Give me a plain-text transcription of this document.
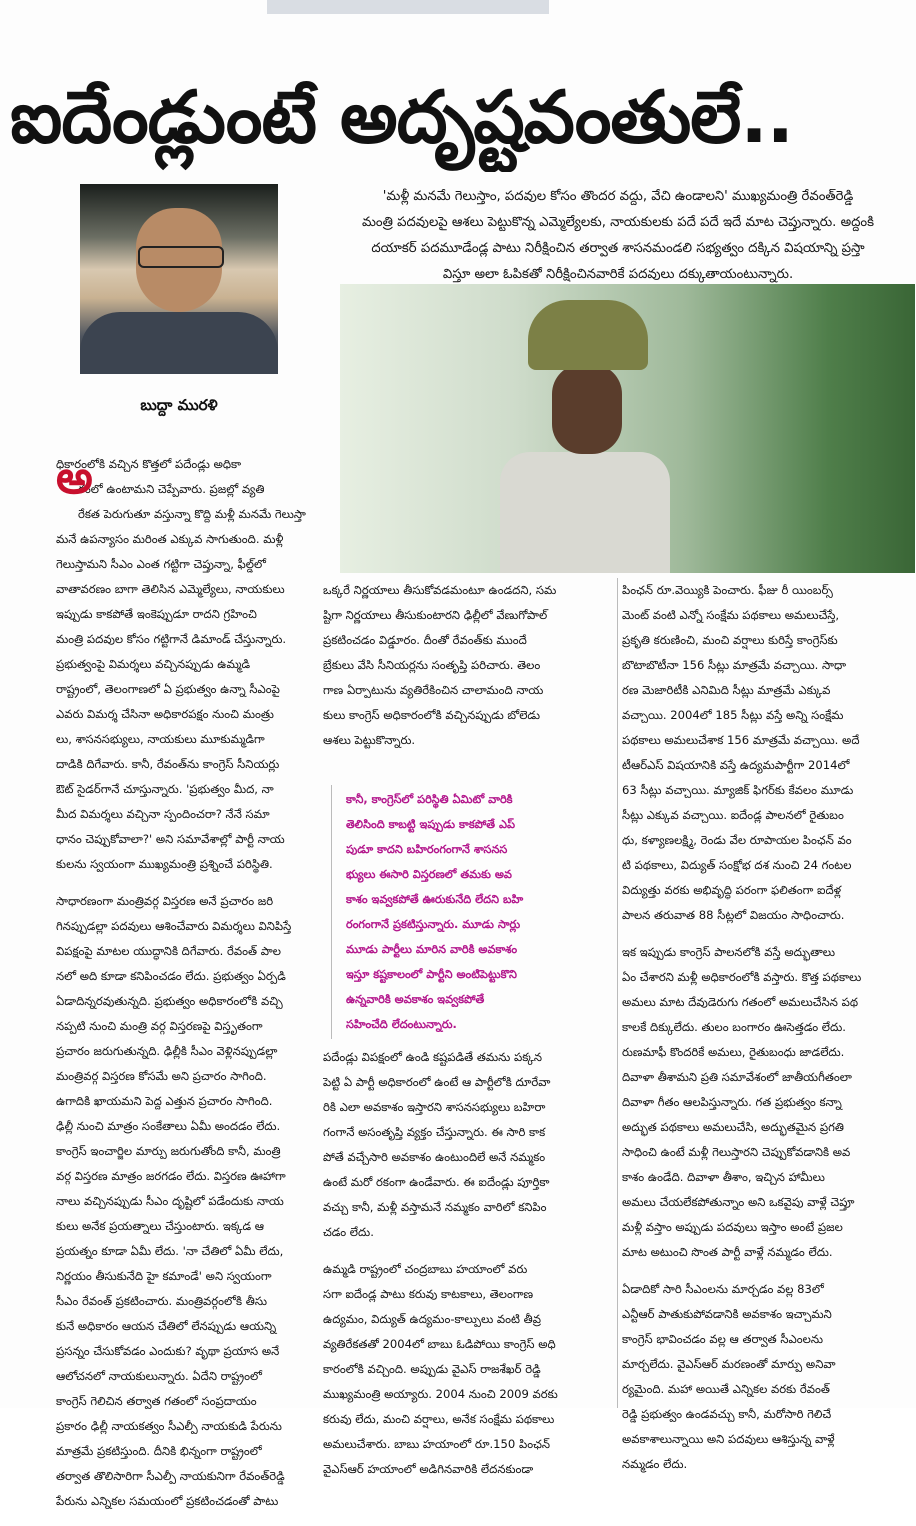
ఐదేండ్లుంటే అదృష్టవంతులే..
బుద్దా మురళి
'మళ్లీ మనమే గెలుస్తాం, పదవుల కోసం తొందర వద్దు, వేచి ఉండాలని' ముఖ్యమంత్రి రేవంత్‌రెడ్డి
మంత్రి పదవులపై ఆశలు పెట్టుకొన్న ఎమ్మెల్యేలకు, నాయకులకు పదే పదే ఇదే మాట చెప్తున్నారు. అద్దంకి
దయాకర్ పదమూడేండ్ల పాటు నిరీక్షించిన తర్వాత శాసనమండలి సభ్యత్వం దక్కిన విషయాన్ని ప్రస్తా
విస్తూ అలా ఓపికతో నిరీక్షించినవారికే పదవులు దక్కుతాయంటున్నారు.
అ
ధికారంలోకి వచ్చిన కొత్తలో పదేండ్లు అధికా
రంలో ఉంటామని చెప్పేవారు. ప్రజల్లో వ్యతి
రేకత పెరుగుతూ వస్తున్నా కొద్ది మళ్లీ మనమే గెలుస్తా
మనే ఉపన్యాసం మరింత ఎక్కువ సాగుతుంది. మళ్లీ
గెలుస్తామని సీఎం ఎంత గట్టిగా చెప్తున్నా, ఫీల్డ్‌లో
వాతావరణం బాగా తెలిసిన ఎమ్మెల్యేలు, నాయకులు
ఇప్పుడు కాకపోతే ఇంకెప్పుడూ రాదని గ్రహించి
మంత్రి పదవుల కోసం గట్టిగానే డిమాండ్ చేస్తున్నారు.
ప్రభుత్వంపై విమర్శలు వచ్చినప్పుడు ఉమ్మడి
రాష్ట్రంలో, తెలంగాణలో ఏ ప్రభుత్వం ఉన్నా సీఎంపై
ఎవరు విమర్శ చేసినా అధికారపక్షం నుంచి మంత్రు
లు, శాసనసభ్యులు, నాయకులు మూకుమ్మడిగా
దాడికి దిగేవారు. కానీ, రేవంత్‌ను కాంగ్రెస్ సీనియర్లు
ఔట్ సైడర్‌గానే చూస్తున్నారు. 'ప్రభుత్వం మీద, నా
మీద విమర్శలు వచ్చినా స్పందించరా? నేనే సమా
ధానం చెప్పుకోవాలా?' అని సమావేశాల్లో పార్టీ నాయ
కులను స్వయంగా ముఖ్యమంత్రి ప్రశ్నించే పరిస్థితి.
సాధారణంగా మంత్రివర్గ విస్తరణ అనే ప్రచారం జరి
గినప్పుడల్లా పదవులు ఆశించేవారు విమర్శలు వినిపిస్తే
విపక్షంపై మాటల యుద్ధానికి దిగేవారు. రేవంత్ పాల
నలో అది కూడా కనిపించడం లేదు. ప్రభుత్వం ఏర్పడి
ఏడాదిన్నరవుతున్నది. ప్రభుత్వం అధికారంలోకి వచ్చి
నప్పటి నుంచి మంత్రి వర్గ విస్తరణపై విస్తృతంగా
ప్రచారం జరుగుతున్నది. ఢిల్లీకి సీఎం వెళ్లినప్పుడల్లా
మంత్రివర్గ విస్తరణ కోసమే అని ప్రచారం సాగింది.
ఉగాదికి ఖాయమని పెద్ద ఎత్తున ప్రచారం సాగింది.
ఢిల్లీ నుంచి మాత్రం సంకేతాలు ఏమీ అందడం లేదు.
కాంగ్రెస్ ఇంచార్జిల మార్పు జరుగుతోంది కానీ, మంత్రి
వర్గ విస్తరణ మాత్రం జరగడం లేదు. విస్తరణ ఊహాగా
నాలు వచ్చినప్పుడు సీఎం దృష్టిలో పడేందుకు నాయ
కులు అనేక ప్రయత్నాలు చేస్తుంటారు. ఇక్కడ ఆ
ప్రయత్నం కూడా ఏమీ లేదు. 'నా చేతిలో ఏమీ లేదు,
నిర్ణయం తీసుకునేది హై కమాండే' అని స్వయంగా
సీఎం రేవంత్ ప్రకటించారు. మంత్రివర్గంలోకి తీసు
కునే అధికారం ఆయన చేతిలో లేనప్పుడు ఆయన్ని
ప్రసన్నం చేసుకోవడం ఎందుకు? వృథా ప్రయాస అనే
ఆలోచనలో నాయకులున్నారు. ఏదేని రాష్ట్రంలో
కాంగ్రెస్ గెలిచిన తర్వాత గతంలో సంప్రదాయం
ప్రకారం ఢిల్లీ నాయకత్వం సీఎల్పీ నాయకుడి పేరును
మాత్రమే ప్రకటిస్తుంది. దీనికి భిన్నంగా రాష్ట్రంలో
తర్వాత తొలిసారిగా సీఎల్పీ నాయకునిగా రేవంత్‌రెడ్డి
పేరును ఎన్నికల సమయంలో ప్రకటించడంతో పాటు
ఒక్కరే నిర్ణయాలు తీసుకోవడమంటూ ఉండదని, సమ
ష్టిగా నిర్ణయాలు తీసుకుంటారని ఢిల్లీలో వేణుగోపాల్
ప్రకటించడం విడ్డూరం. దీంతో రేవంత్‌కు ముందే
బ్రేకులు వేసి సీనియర్లను సంతృప్తి పరిచారు. తెలం
గాణ ఏర్పాటును వ్యతిరేకించిన చాలామంది నాయ
కులు కాంగ్రెస్ అధికారంలోకి వచ్చినప్పుడు బోలెడు
ఆశలు పెట్టుకొన్నారు.
కానీ, కాంగ్రెస్‌లో పరిస్థితి ఏమిటో వారికి
తెలిసింది కాబట్టి ఇప్పుడు కాకపోతే ఎప్
పుడూ కాదని బహిరంగంగానే శాసనస
భ్యులు ఈసారి విస్తరణలో తమకు అవ
కాశం ఇవ్వకపోతే ఊరుకునేది లేదని బహి
రంగంగానే ప్రకటిస్తున్నారు. మూడు సార్లు
మూడు పార్టీలు మారిన వారికి అవకాశం
ఇస్తూ కష్టకాలంలో పార్టీని అంటిపెట్టుకొని
ఉన్నవారికి అవకాశం ఇవ్వకపోతే
సహించేది లేదంటున్నారు.
పదేండ్లు విపక్షంలో ఉండి కష్టపడితే తమను పక్కన
పెట్టి ఏ పార్టీ అధికారంలో ఉంటే ఆ పార్టీలోకి దూరేవా
రికి ఎలా అవకాశం ఇస్తారని శాసనసభ్యులు బహిరా
గంగానే అసంతృప్తి వ్యక్తం చేస్తున్నారు. ఈ సారి కాక
పోతే వచ్చేసారి అవకాశం ఉంటుందిలే అనే నమ్మకం
ఉంటే మరో రకంగా ఉండేవారు. ఈ ఐదేండ్లు పూర్తికా
వచ్చు కానీ, మళ్లీ వస్తామనే నమ్మకం వారిలో కనిపిం
చడం లేదు.
ఉమ్మడి రాష్ట్రంలో చంద్రబాబు హయాంలో వరు
సగా ఐదేండ్ల పాటు కరువు కాటకాలు, తెలంగాణ
ఉద్యమం, విద్యుత్ ఉద్యమం-కాల్పులు వంటి తీవ్ర
వ్యతిరేకతతో 2004లో బాబు ఓడిపోయి కాంగ్రెస్ అధి
కారంలోకి వచ్చింది. అప్పుడు వైఎస్ రాజశేఖర్ రెడ్డి
ముఖ్యమంత్రి అయ్యారు. 2004 నుంచి 2009 వరకు
కరువు లేదు, మంచి వర్షాలు, అనేక సంక్షేమ పథకాలు
అమలుచేశారు. బాబు హయాంలో రూ.150 పింఛన్
వైఎస్ఆర్ హయాంలో అడిగినవారికి లేదనకుండా
పింఛన్ రూ.వెయ్యికి పెంచారు. ఫీజు రీ యింబర్స్
మెంట్ వంటి ఎన్నో సంక్షేమ పథకాలు అమలుచేస్తే,
ప్రకృతి కరుణించి, మంచి వర్షాలు కురిస్తే కాంగ్రెస్‌కు
బొటాబొటీనా 156 సీట్లు మాత్రమే వచ్చాయి. సాధా
రణ మెజారిటీకి ఎనిమిది సీట్లు మాత్రమే ఎక్కువ
వచ్చాయి. 2004లో 185 సీట్లు వస్తే అన్ని సంక్షేమ
పథకాలు అమలుచేశాక 156 మాత్రమే వచ్చాయి. అదే
టీఆర్ఎస్ విషయానికి వస్తే ఉద్యమపార్టీగా 2014లో
63 సీట్లు వచ్చాయి. మ్యాజిక్ ఫిగర్‌కు కేవలం మూడు
సీట్లు ఎక్కువ వచ్చాయి. ఐదేండ్ల పాలనలో రైతుబం
ధు, కళ్యాణలక్ష్మి, రెండు వేల రూపాయల పింఛన్ వం
టి పథకాలు, విద్యుత్ సంక్షోభ దశ నుంచి 24 గంటల
విద్యుత్తు వరకు అభివృద్ధి పరంగా ఫలితంగా ఐదేళ్ల
పాలన తరువాత 88 సీట్లలో విజయం సాధించారు.
ఇక ఇప్పుడు కాంగ్రెస్ పాలనలోకి వస్తే అద్భుతాలు
ఏం చేశారని మళ్లీ అధికారంలోకి వస్తారు. కొత్త పథకాలు
అమలు మాట దేవుడెరుగు గతంలో అమలుచేసిన పథ
కాలకే దిక్కులేదు. తులం బంగారం ఊసెత్తడం లేదు.
రుణమాఫీ కొందరికే అమలు, రైతుబంధు జాడలేదు.
దివాళా తీశామని ప్రతి సమావేశంలో జాతీయగీతంలా
దివాళా గీతం ఆలపిస్తున్నారు. గత ప్రభుత్వం కన్నా
అద్భుత పథకాలు అమలుచేసి, అద్భుతమైన ప్రగతి
సాధించి ఉంటే మళ్లీ గెలుస్తారని చెప్పుకోవడానికి అవ
కాశం ఉండేది. దివాళా తీశాం, ఇచ్చిన హామీలు
అమలు చేయలేకపోతున్నాం అని ఒకవైపు వాళ్లే చెప్తూ
మళ్లీ వస్తాం అప్పుడు పదవులు ఇస్తాం అంటే ప్రజల
మాట అటుంచి సొంత పార్టీ వాళ్లే నమ్మడం లేదు.
ఏడాదికో సారి సీఎంలను మార్చడం వల్ల 83లో
ఎన్టీఆర్ పాతుకుపోవడానికి అవకాశం ఇచ్చామని
కాంగ్రెస్ భావించడం వల్ల ఆ తర్వాత సీఎంలను
మార్చలేదు. వైఎస్ఆర్ మరణంతో మార్పు అనివా
ర్యమైంది. మహా అయితే ఎన్నికల వరకు రేవంత్
రెడ్డి ప్రభుత్వం ఉండవచ్చు కానీ, మరోసారి గెలిచే
అవకాశాలున్నాయి అని పదవులు ఆశిస్తున్న వాళ్లే
నమ్మడం లేదు.
